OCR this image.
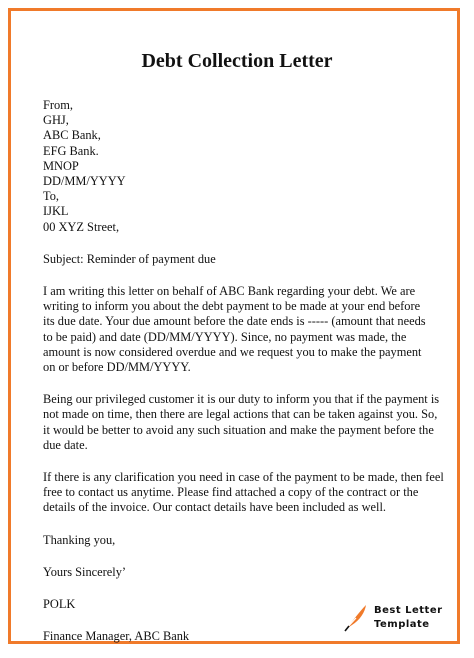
Debt Collection Letter
From,
GHJ,
ABC Bank,
EFG Bank.
MNOP
DD/MM/YYYY
To,
IJKL
00 XYZ Street,
Subject: Reminder of payment due
I am writing this letter on behalf of ABC Bank regarding your debt. We are
writing to inform you about the debt payment to be made at your end before
its due date. Your due amount before the date ends is ----- (amount that needs
to be paid) and date (DD/MM/YYYY). Since, no payment was made, the
amount is now considered overdue and we request you to make the payment
on or before DD/MM/YYYY.
Being our privileged customer it is our duty to inform you that if the payment is
not made on time, then there are legal actions that can be taken against you. So,
it would be better to avoid any such situation and make the payment before the
due date.
If there is any clarification you need in case of the payment to be made, then feel
free to contact us anytime. Please find attached a copy of the contract or the
details of the invoice. Our contact details have been included as well.
Thanking you,
Yours Sincerely’
POLK
Finance Manager, ABC Bank
Best Letter
Template
